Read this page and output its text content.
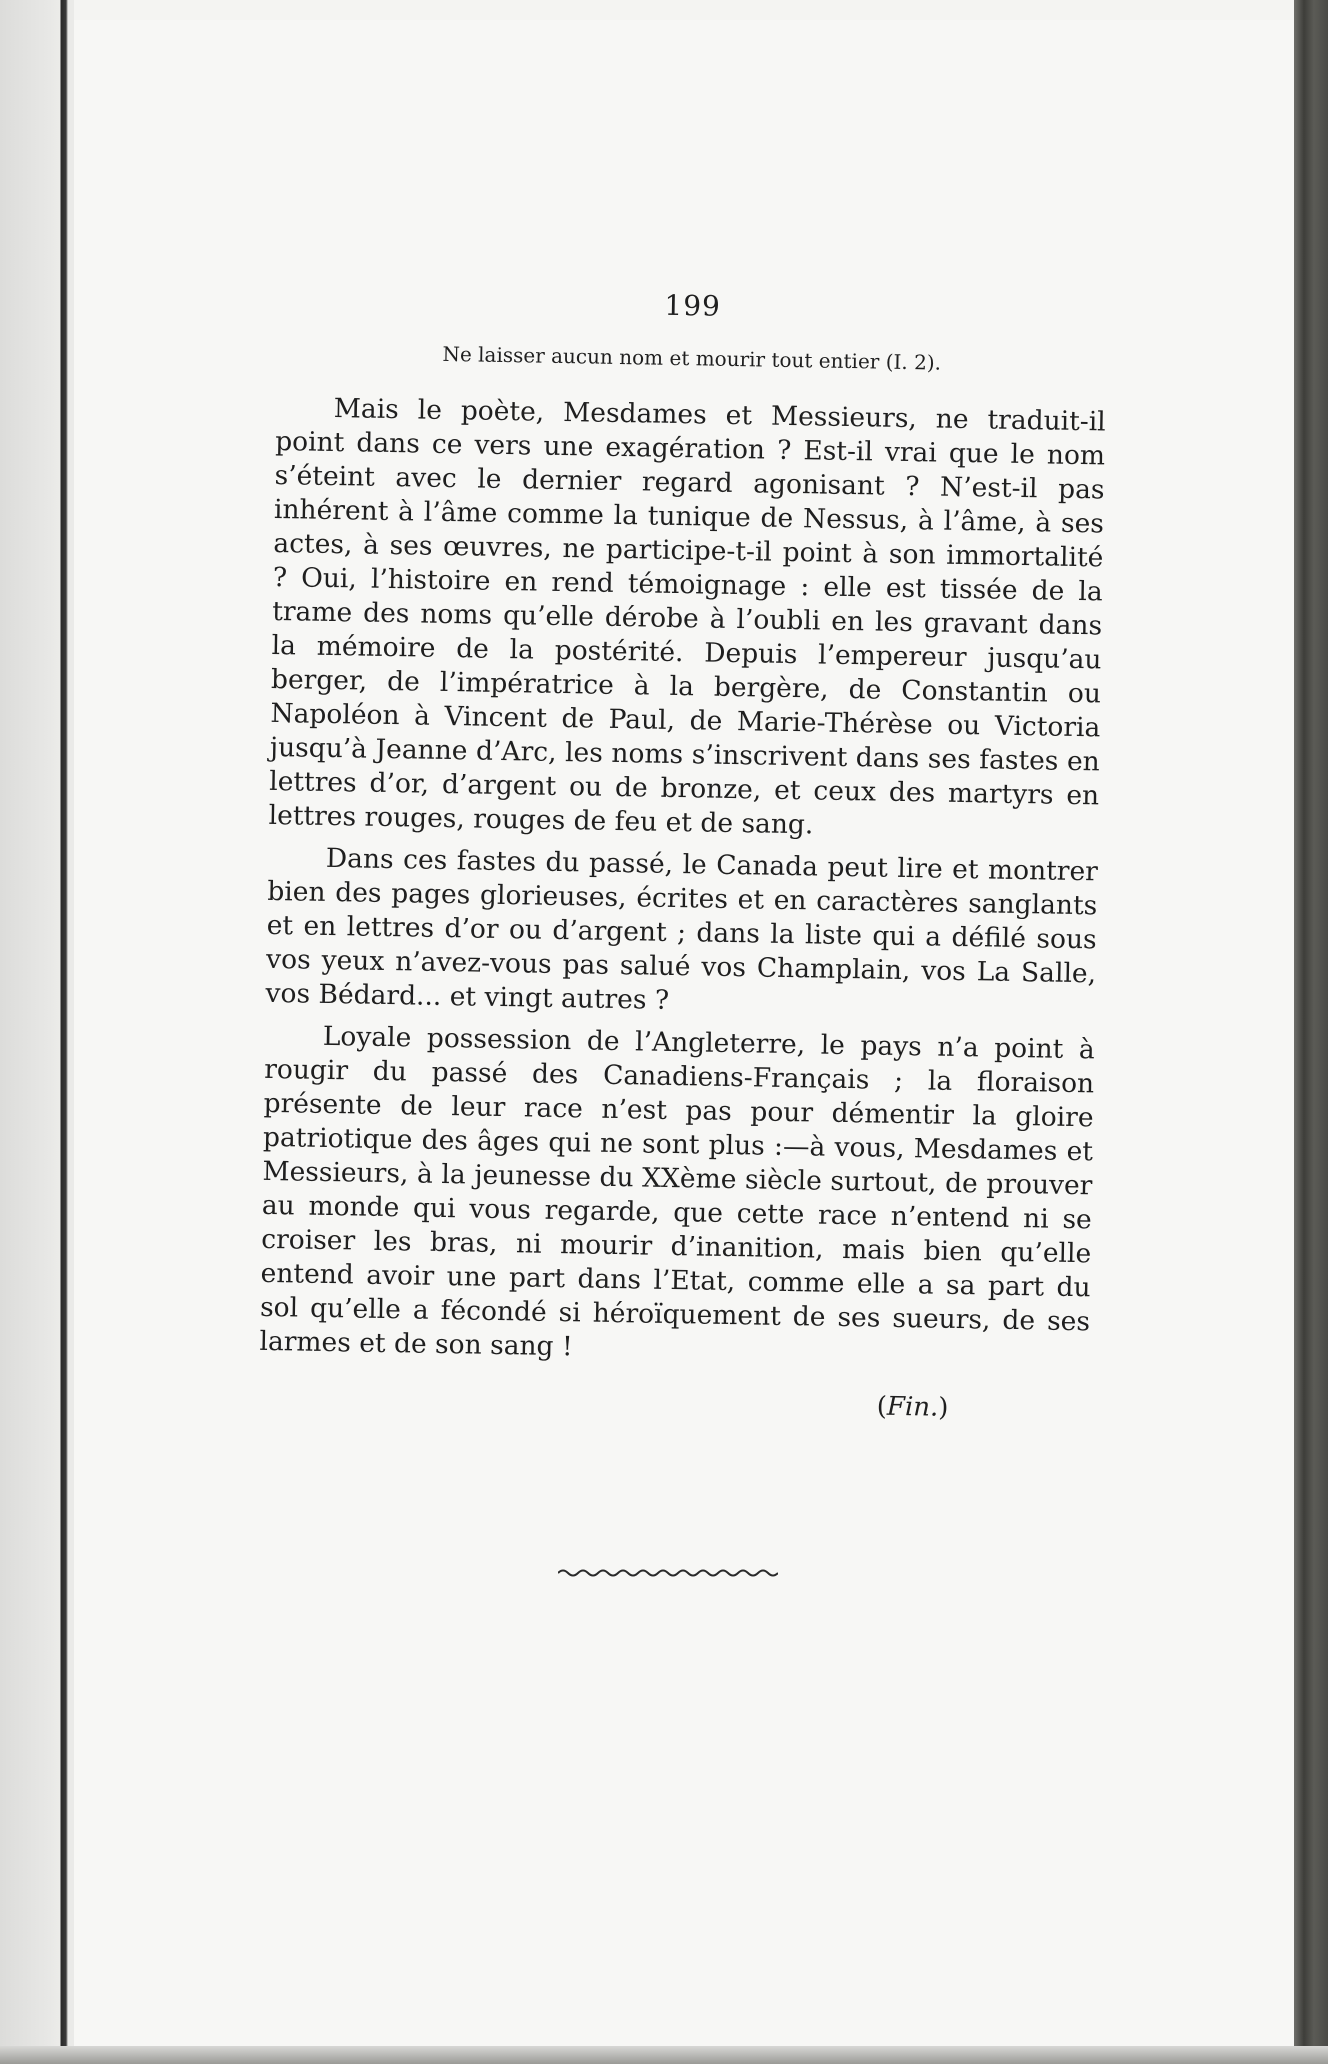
199
Ne laisser aucun nom et mourir tout entier (I. 2).

Mais le poète, Mesdames et Messieurs, ne traduit-il point dans ce vers une exagération ? Est-il vrai que le nom s’éteint avec le dernier regard agonisant ? N’est-il pas inhérent à l’âme comme la tunique de Nessus, à l’âme, à ses actes, à ses œuvres, ne participe-t-il point à son immortalité ? Oui, l’histoire en rend témoignage : elle est tissée de la trame des noms qu’elle dérobe à l’oubli en les gravant dans la mémoire de la postérité. Depuis l’empereur jusqu’au berger, de l’impératrice à la bergère, de Constantin ou Napoléon à Vincent de Paul, de Marie-Thérèse ou Victoria jusqu’à Jeanne d’Arc, les noms s’inscrivent dans ses fastes en lettres d’or, d’argent ou de bronze, et ceux des martyrs en lettres rouges, rouges de feu et de sang.

Dans ces fastes du passé, le Canada peut lire et montrer bien des pages glorieuses, écrites et en caractères sanglants et en lettres d’or ou d’argent ; dans la liste qui a défilé sous vos yeux n’avez-vous pas salué vos Champlain, vos La Salle, vos Bédard... et vingt autres ?

Loyale possession de l’Angleterre, le pays n’a point à rougir du passé des Canadiens-Français ; la floraison présente de leur race n’est pas pour démentir la gloire patriotique des âges qui ne sont plus :—à vous, Mesdames et Messieurs, à la jeunesse du XXème siècle surtout, de prouver au monde qui vous regarde, que cette race n’entend ni se croiser les bras, ni mourir d’inanition, mais bien qu’elle entend avoir une part dans l’Etat, comme elle a sa part du sol qu’elle a fécondé si héroïquement de ses sueurs, de ses larmes et de son sang !

(Fin.)
